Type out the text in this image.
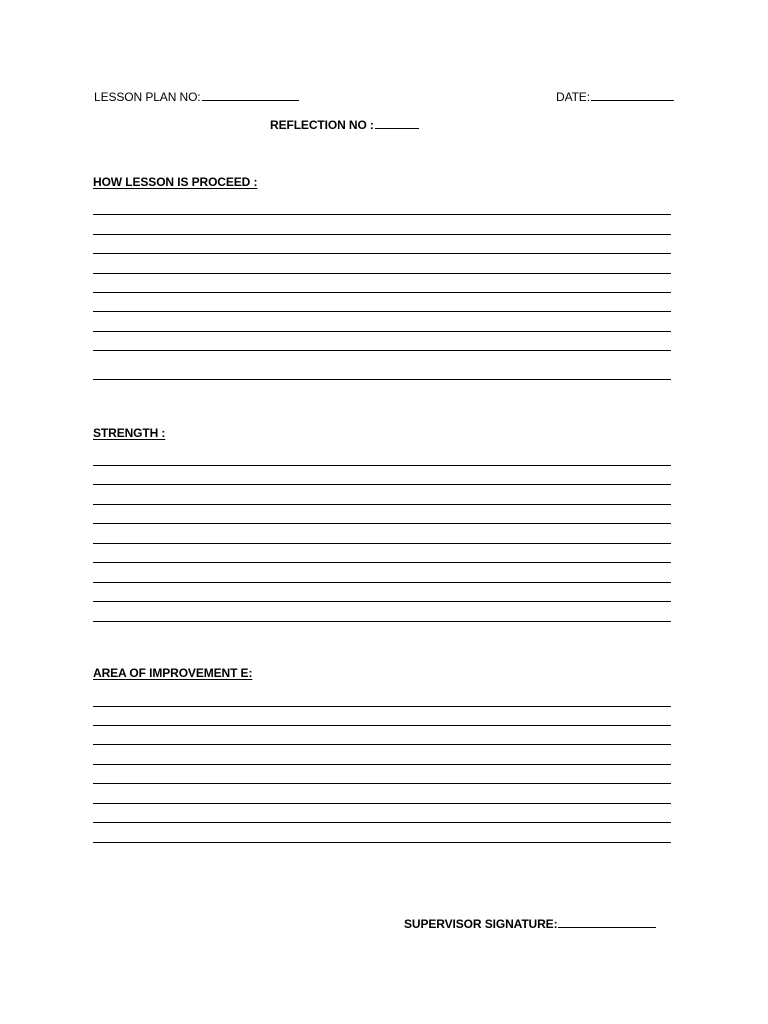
LESSON PLAN NO:	DATE:
REFLECTION NO :
HOW LESSON IS PROCEED :
STRENGTH :
AREA OF IMPROVEMENT E:
SUPERVISOR SIGNATURE:
